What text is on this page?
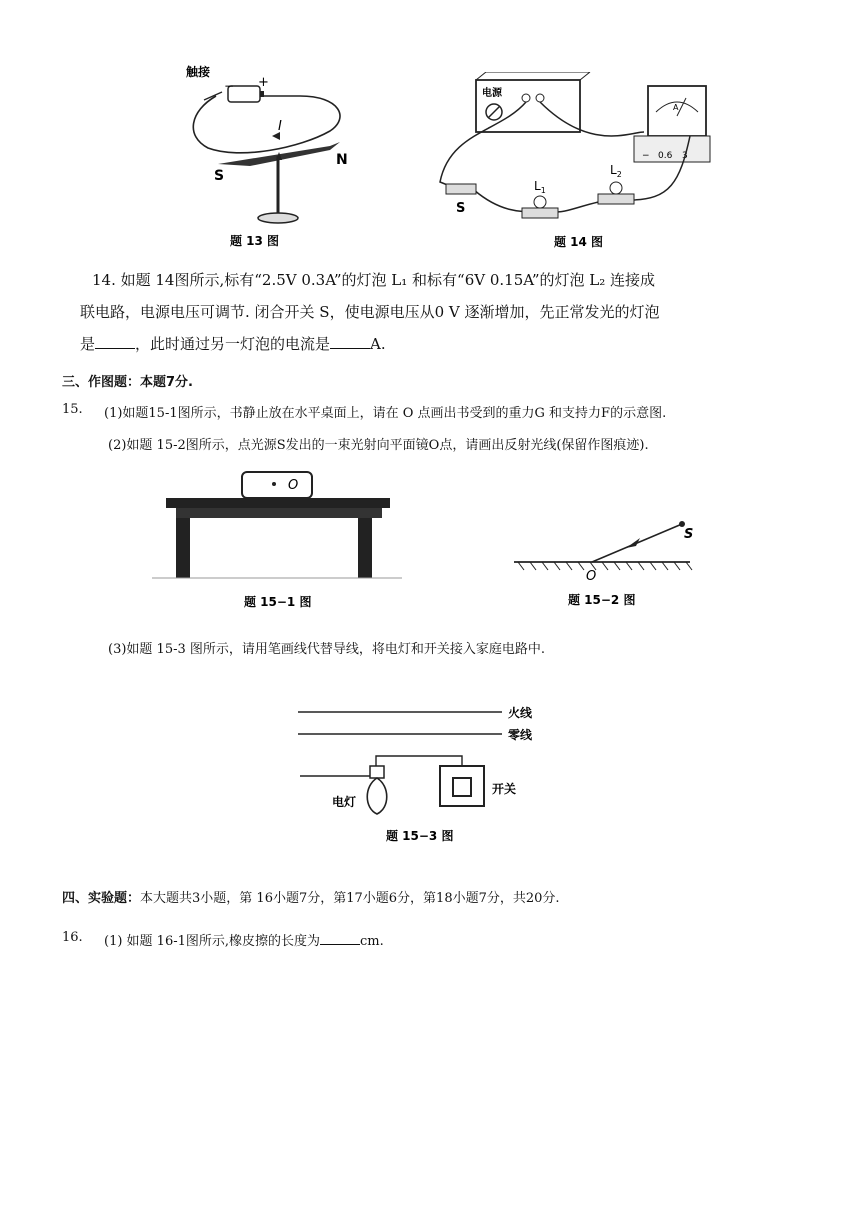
触接
− +
I
S
N
题 13 图
电源
A
− 0.6 3
S
$L_1$
$L_2$
题 14 图
14. 如题 14图所示,标有“2.5V 0.3A”的灯泡 L₁ 和标有“6V 0.15A”的灯泡 L₂ 连接成
联电路，电源电压可调节. 闭合开关 S，使电源电压从0 V 逐渐增加，先正常发光的灯泡
是	，此时通过另一灯泡的电流是	A.
三、作图题：本题7分.
15. (1)如题15-1图所示，书静止放在水平桌面上，请在 O 点画出书受到的重力G 和支持力F的示意图.
(2)如题 15-2图所示，点光源S发出的一束光射向平面镜O点，请画出反射光线(保留作图痕迹).
O
题 15−1 图
S
O
题 15−2 图
(3)如题 15-3 图所示，请用笔画线代替导线，将电灯和开关接入家庭电路中.
火线
零线
电灯
开关
题 15−3 图
四、实验题：本大题共3小题，第 16小题7分，第17小题6分，第18小题7分，共20分.
16. (1) 如题 16-1图所示,橡皮擦的长度为	cm.
